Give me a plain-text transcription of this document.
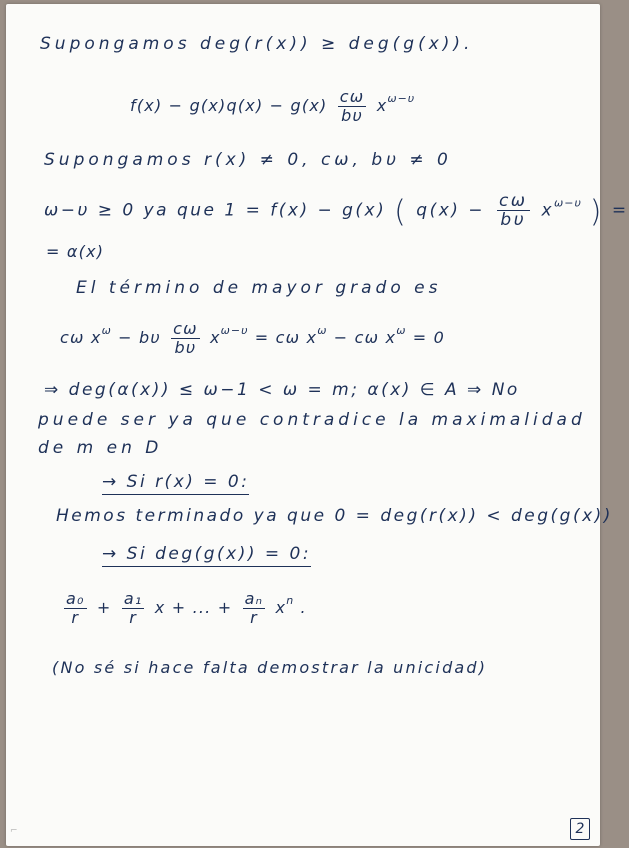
Supongamos deg(r(x)) ≥ deg(g(x)).
$f(x) - g(x)q(x) - g(x) \frac{c\omega}{b\upsilon} x^{\omega-\upsilon}$
Supongamos r(x) ≠ 0, cω, bυ ≠ 0
ω−υ ≥ 0 ya que 1 = f(x) − g(x) ( $q(x) - \frac{c\omega}{b\upsilon} x^{\omega-\upsilon}$ ) =
= α(x)
El término de mayor grado es
cω $x^\omega - b\upsilon \frac{c\omega}{b\upsilon} x^{\omega-\upsilon} = c\omega$ $x^\omega - c\omega$ $x^\omega = 0$
⇒ deg(α(x)) ≤ ω−1 < ω = m; α(x) ∈ A ⇒ No
puede ser ya que contradice la maximalidad
de m en D
→ Si r(x) = 0:
Hemos terminado ya que 0 = deg(r(x)) < deg(g(x))
→ Si deg(g(x)) = 0:
$\frac{\text{a₀}}{r} + \frac{\text{a₁}}{r}$ x + ... + $\frac{\text{aₙ}}{r} x^n$ .
(No sé si hace falta demostrar la unicidad)
⌐	2
